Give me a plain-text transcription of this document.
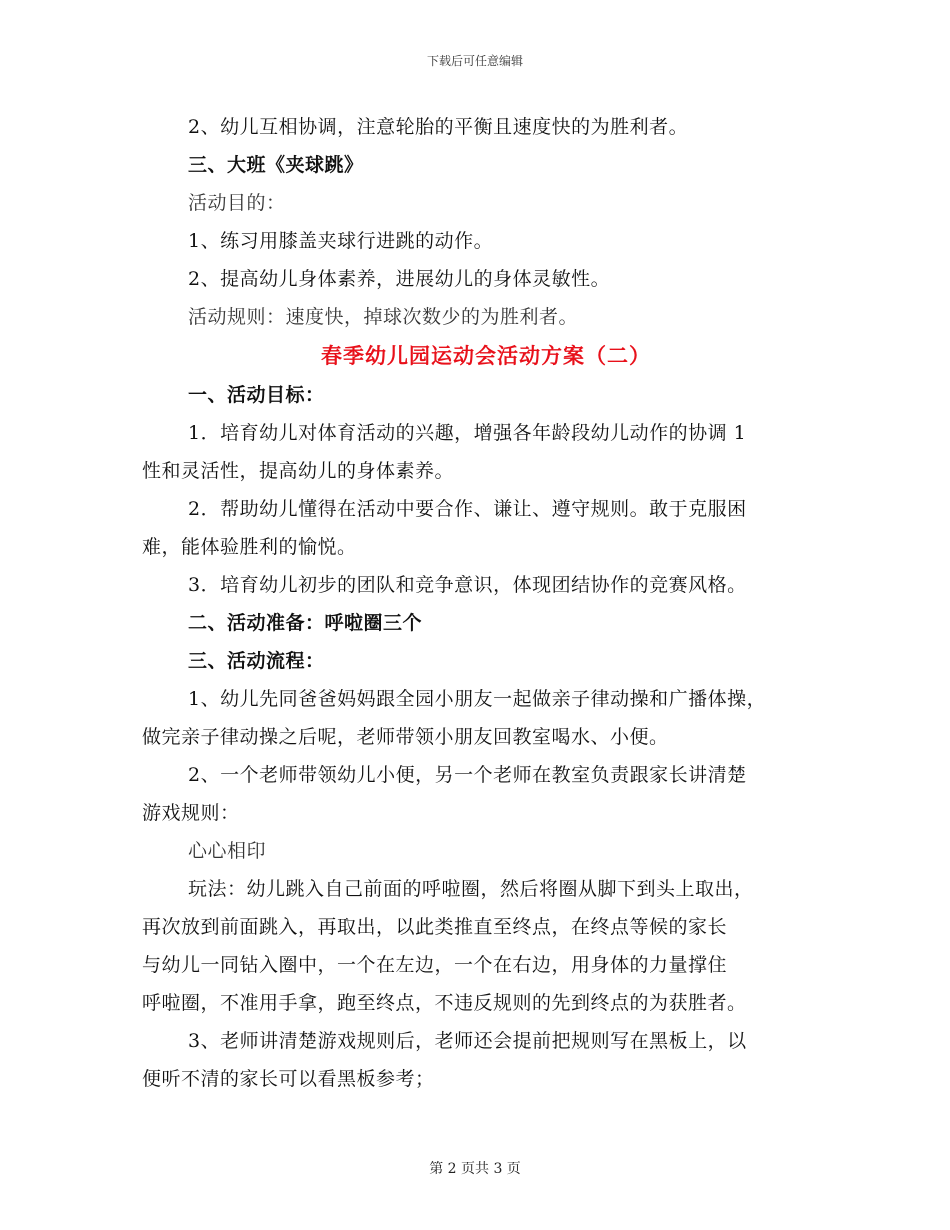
下载后可任意编辑

2、幼儿互相协调，注意轮胎的平衡且速度快的为胜利者。

三、大班《夹球跳》

活动目的：

1、练习用膝盖夹球行进跳的动作。

2、提高幼儿身体素养，进展幼儿的身体灵敏性。

活动规则：速度快，掉球次数少的为胜利者。

春季幼儿园运动会活动方案（二）

一、活动目标：

1．培育幼儿对体育活动的兴趣，增强各年龄段幼儿动作的协调 1

性和灵活性，提高幼儿的身体素养。

2．帮助幼儿懂得在活动中要合作、谦让、遵守规则。敢于克服困

难，能体验胜利的愉悦。

3．培育幼儿初步的团队和竞争意识，体现团结协作的竞赛风格。

二、活动准备：呼啦圈三个

三、活动流程：

1、幼儿先同爸爸妈妈跟全园小朋友一起做亲子律动操和广播体操，

做完亲子律动操之后呢，老师带领小朋友回教室喝水、小便。

2、一个老师带领幼儿小便，另一个老师在教室负责跟家长讲清楚

游戏规则：

心心相印

玩法：幼儿跳入自己前面的呼啦圈，然后将圈从脚下到头上取出，

再次放到前面跳入，再取出，以此类推直至终点，在终点等候的家长

与幼儿一同钻入圈中，一个在左边，一个在右边，用身体的力量撑住

呼啦圈，不准用手拿，跑至终点，不违反规则的先到终点的为获胜者。

3、老师讲清楚游戏规则后，老师还会提前把规则写在黑板上，以

便听不清的家长可以看黑板参考；

第 2 页共 3 页
